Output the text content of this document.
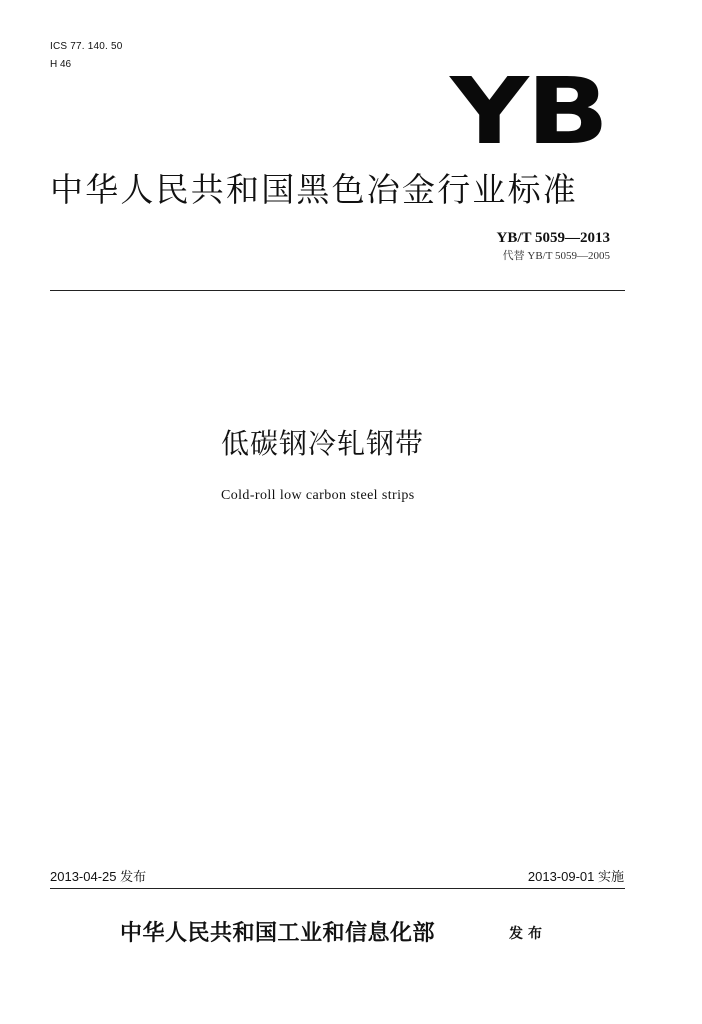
ICS 77. 140. 50
H 46	YB
中华人民共和国黑色冶金行业标准
YB/T 5059—2013
代替 YB/T 5059—2005
低碳钢冷轧钢带
Cold-roll low carbon steel strips
2013-04-25 发布	2013-09-01 实施
中华人民共和国工业和信息化部	发布
